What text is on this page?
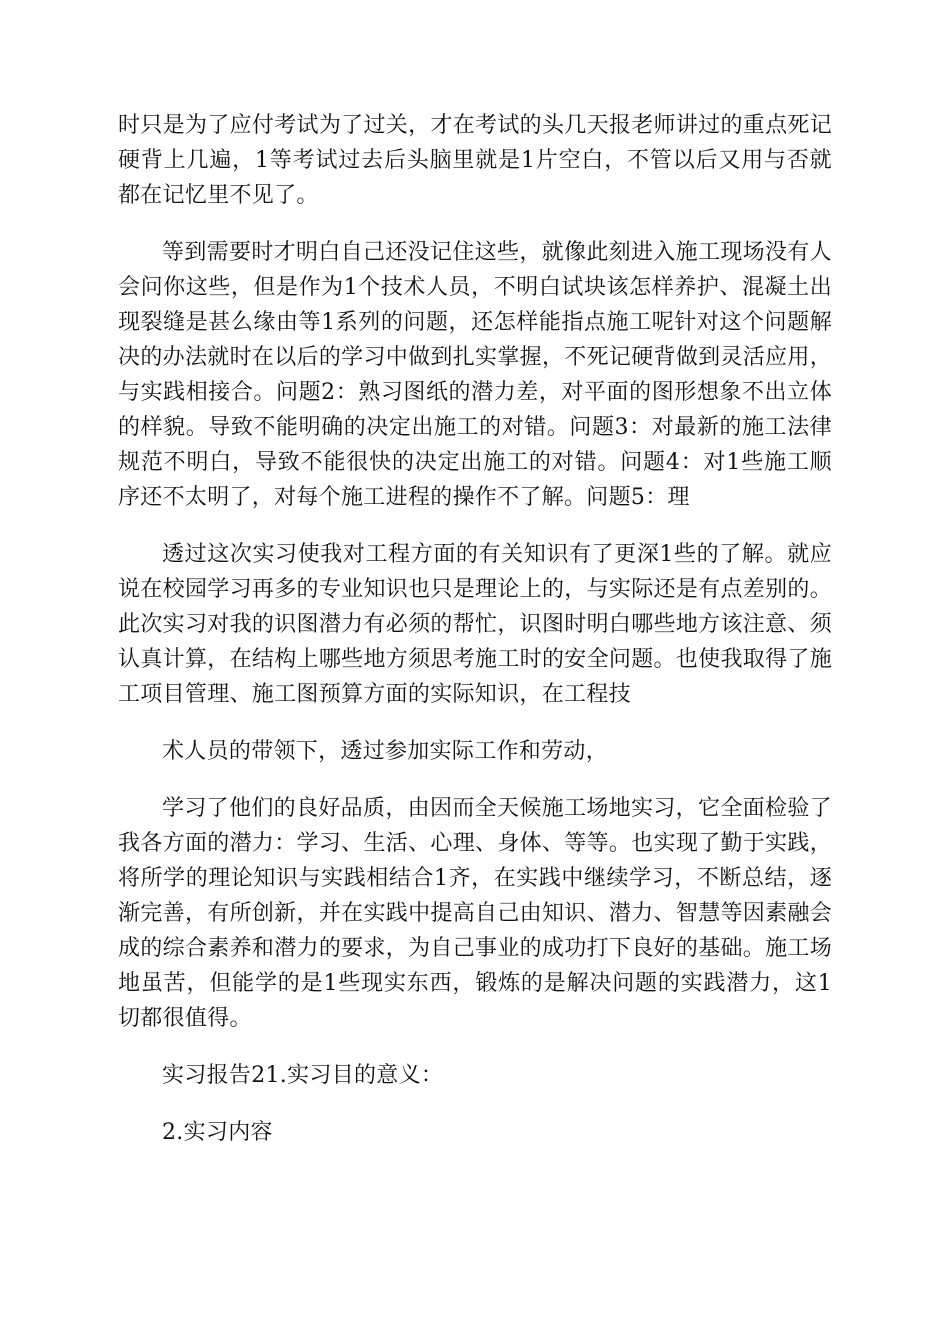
时只是为了应付考试为了过关，才在考试的头几天报老师讲过的重点死记硬背上几遍，1等考试过去后头脑里就是1片空白，不管以后又用与否就都在记忆里不见了。

等到需要时才明白自己还没记住这些，就像此刻进入施工现场没有人会问你这些，但是作为1个技术人员，不明白试块该怎样养护、混凝土出现裂缝是甚么缘由等1系列的问题，还怎样能指点施工呢针对这个问题解决的办法就时在以后的学习中做到扎实掌握，不死记硬背做到灵活应用，与实践相接合。问题2：熟习图纸的潜力差，对平面的图形想象不出立体的样貌。导致不能明确的决定出施工的对错。问题3：对最新的施工法律规范不明白，导致不能很快的决定出施工的对错。问题4：对1些施工顺序还不太明了，对每个施工进程的操作不了解。问题5：理

透过这次实习使我对工程方面的有关知识有了更深1些的了解。就应说在校园学习再多的专业知识也只是理论上的，与实际还是有点差别的。此次实习对我的识图潜力有必须的帮忙，识图时明白哪些地方该注意、须认真计算，在结构上哪些地方须思考施工时的安全问题。也使我取得了施工项目管理、施工图预算方面的实际知识，在工程技

术人员的带领下，透过参加实际工作和劳动，

学习了他们的良好品质，由因而全天候施工场地实习，它全面检验了我各方面的潜力：学习、生活、心理、身体、等等。也实现了勤于实践，将所学的理论知识与实践相结合1齐，在实践中继续学习，不断总结，逐渐完善，有所创新，并在实践中提高自己由知识、潜力、智慧等因素融会成的综合素养和潜力的要求，为自己事业的成功打下良好的基础。施工场地虽苦，但能学的是1些现实东西，锻炼的是解决问题的实践潜力，这1切都很值得。

实习报告21.实习目的意义：

2.实习内容
